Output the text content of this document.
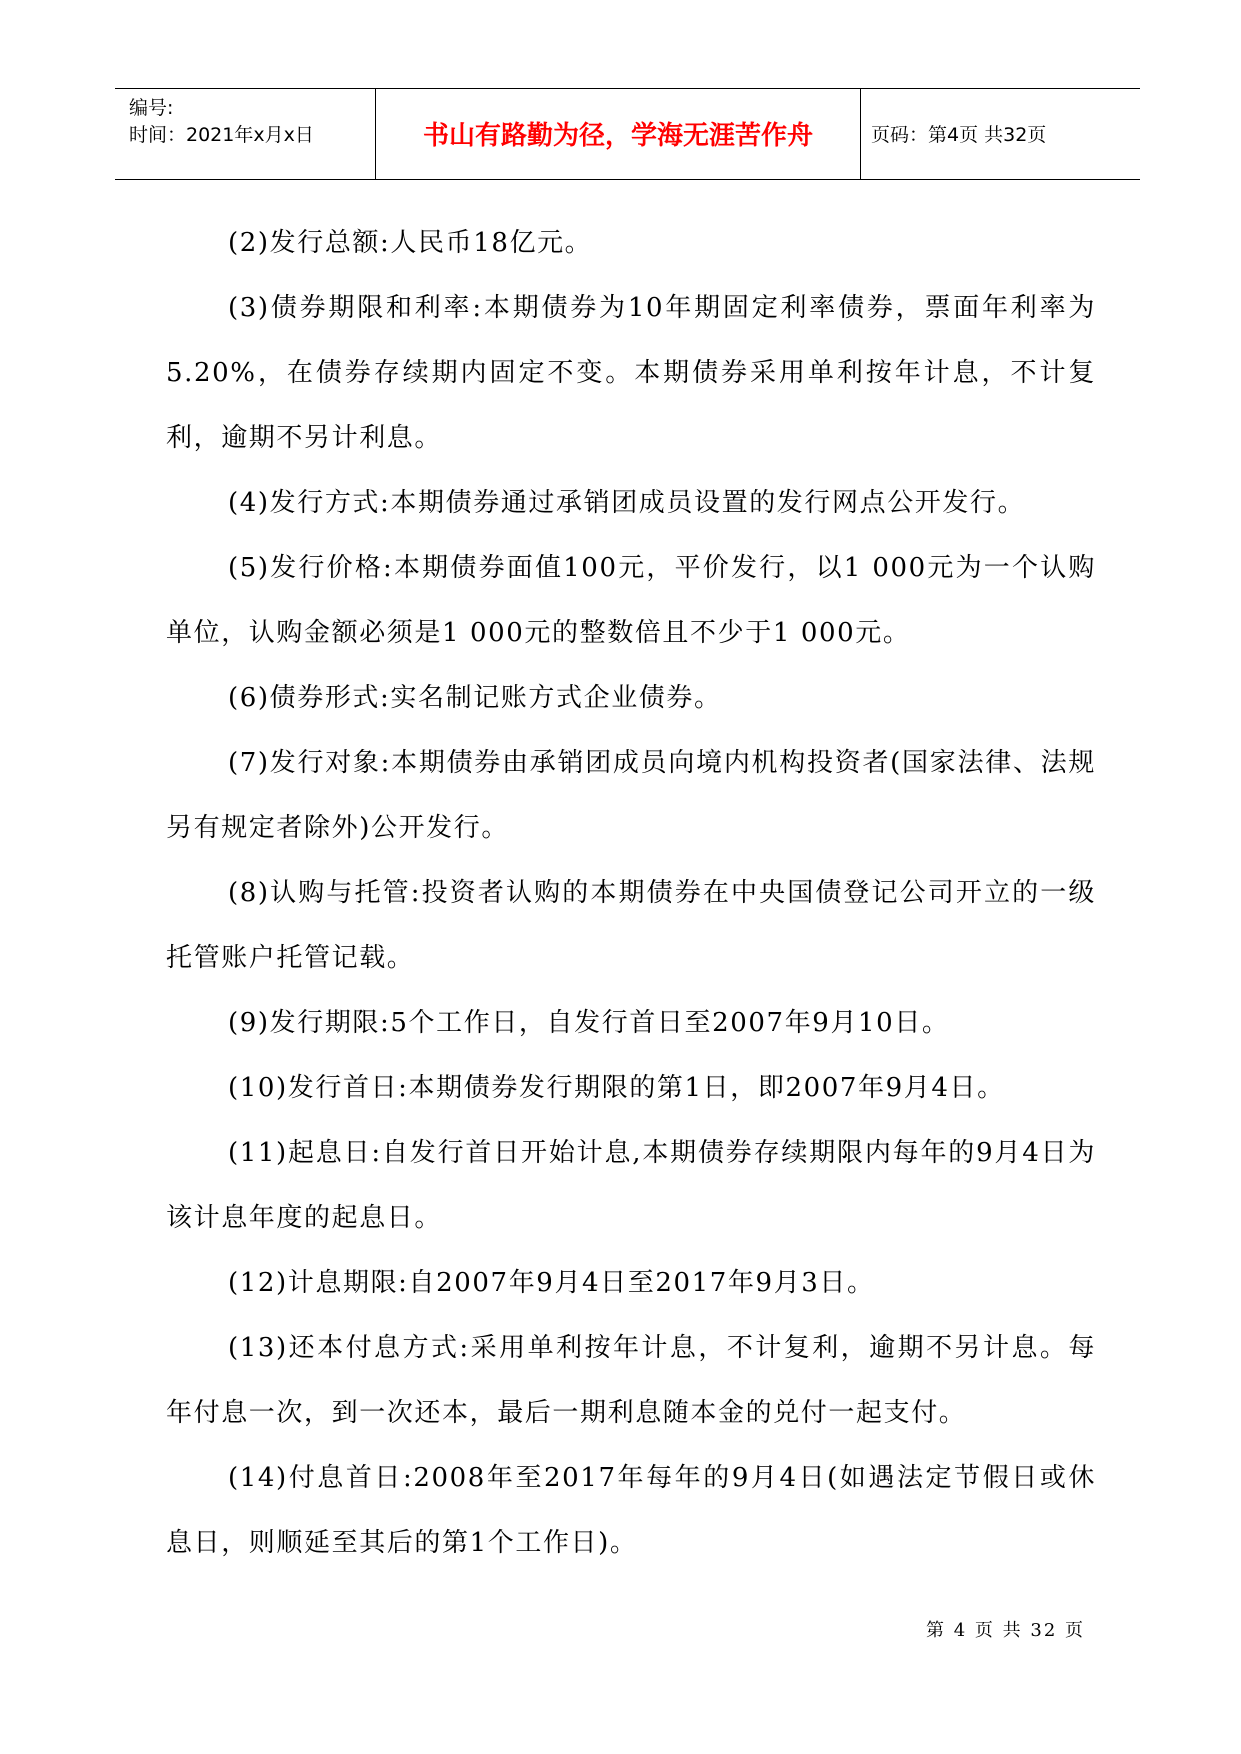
编号:
时间：2021年x月x日	书山有路勤为径，学海无涯苦作舟	页码：第4页 共32页

(2)发行总额:人民币18亿元。

(3)债券期限和利率:本期债券为10年期固定利率债券，票面年利率为5.20%，在债券存续期内固定不变。本期债券采用单利按年计息，不计复利，逾期不另计利息。

(4)发行方式:本期债券通过承销团成员设置的发行网点公开发行。

(5)发行价格:本期债券面值100元，平价发行，以1 000元为一个认购单位，认购金额必须是1 000元的整数倍且不少于1 000元。

(6)债券形式:实名制记账方式企业债券。

(7)发行对象:本期债券由承销团成员向境内机构投资者(国家法律、法规另有规定者除外)公开发行。

(8)认购与托管:投资者认购的本期债券在中央国债登记公司开立的一级托管账户托管记载。

(9)发行期限:5个工作日，自发行首日至2007年9月10日。

(10)发行首日:本期债券发行期限的第1日，即2007年9月4日。

(11)起息日:自发行首日开始计息,本期债券存续期限内每年的9月4日为该计息年度的起息日。

(12)计息期限:自2007年9月4日至2017年9月3日。

(13)还本付息方式:采用单利按年计息，不计复利，逾期不另计息。每年付息一次，到一次还本，最后一期利息随本金的兑付一起支付。

(14)付息首日:2008年至2017年每年的9月4日(如遇法定节假日或休息日，则顺延至其后的第1个工作日)。

第 4 页 共 32 页
